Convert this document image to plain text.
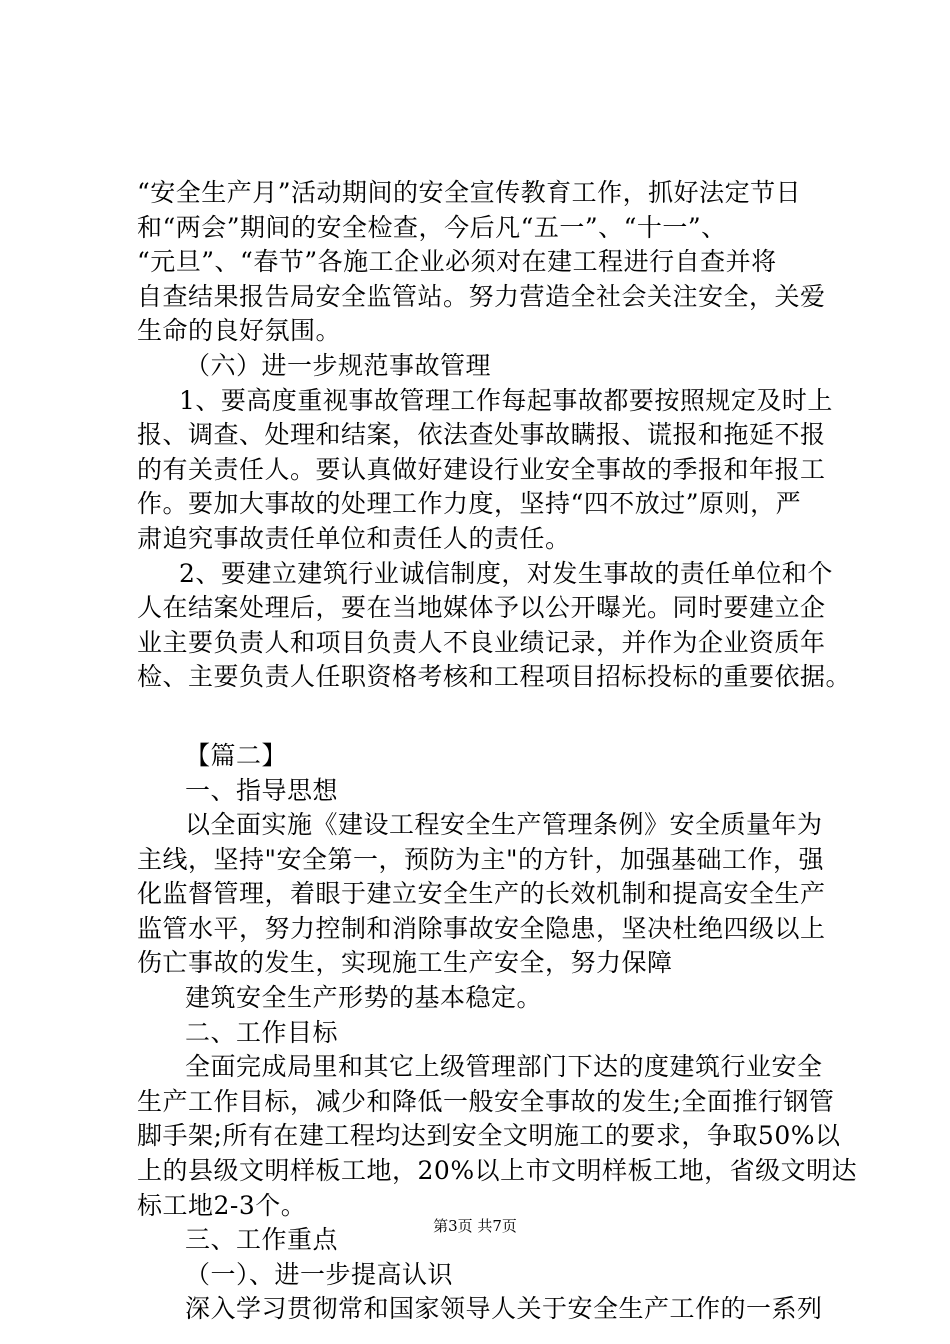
“安全生产月”活动期间的安全宣传教育工作，抓好法定节日
和“两会”期间的安全检查，今后凡“五一”、“十一”、
“元旦”、“春节”各施工企业必须对在建工程进行自查并将
自查结果报告局安全监管站。努力营造全社会关注安全，关爱
生命的良好氛围。
（六）进一步规范事故管理
1、要高度重视事故管理工作每起事故都要按照规定及时上
报、调查、处理和结案，依法查处事故瞒报、谎报和拖延不报
的有关责任人。要认真做好建设行业安全事故的季报和年报工
作。要加大事故的处理工作力度，坚持“四不放过”原则，严
肃追究事故责任单位和责任人的责任。
2、要建立建筑行业诚信制度，对发生事故的责任单位和个
人在结案处理后，要在当地媒体予以公开曝光。同时要建立企
业主要负责人和项目负责人不良业绩记录，并作为企业资质年
检、主要负责人任职资格考核和工程项目招标投标的重要依据。
【篇二】
一、指导思想
以全面实施《建设工程安全生产管理条例》安全质量年为
主线，坚持"安全第一，预防为主"的方针，加强基础工作，强
化监督管理，着眼于建立安全生产的长效机制和提高安全生产
监管水平，努力控制和消除事故安全隐患，坚决杜绝四级以上
伤亡事故的发生，实现施工生产安全，努力保障
建筑安全生产形势的基本稳定。
二、工作目标
全面完成局里和其它上级管理部门下达的度建筑行业安全
生产工作目标，减少和降低一般安全事故的发生;全面推行钢管
脚手架;所有在建工程均达到安全文明施工的要求，争取50%以
上的县级文明样板工地，20%以上市文明样板工地，省级文明达
标工地2-3个。
三、工作重点
（一）、进一步提高认识
深入学习贯彻常和国家领导人关于安全生产工作的一系列
第3页 共7页
